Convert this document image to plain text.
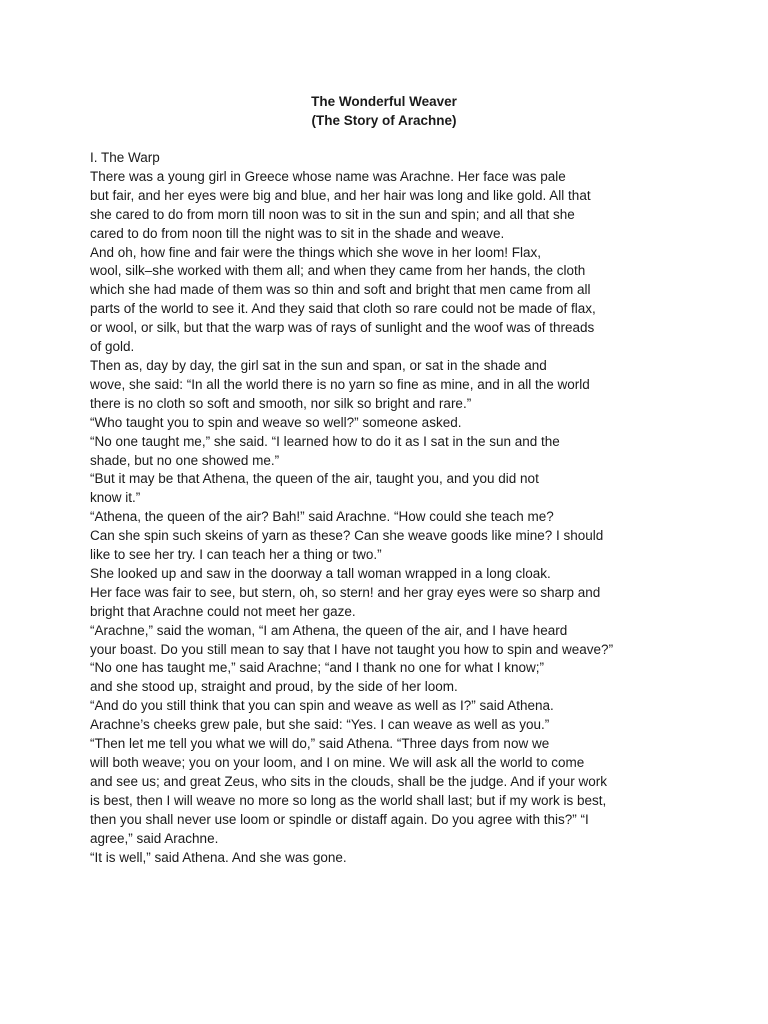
The Wonderful Weaver
(The Story of Arachne)
I. The Warp
There was a young girl in Greece whose name was Arachne. Her face was pale
but fair, and her eyes were big and blue, and her hair was long and like gold. All that
she cared to do from morn till noon was to sit in the sun and spin; and all that she
cared to do from noon till the night was to sit in the shade and weave.
And oh, how fine and fair were the things which she wove in her loom! Flax,
wool, silk–she worked with them all; and when they came from her hands, the cloth
which she had made of them was so thin and soft and bright that men came from all
parts of the world to see it. And they said that cloth so rare could not be made of flax,
or wool, or silk, but that the warp was of rays of sunlight and the woof was of threads
of gold.
Then as, day by day, the girl sat in the sun and span, or sat in the shade and
wove, she said: “In all the world there is no yarn so fine as mine, and in all the world
there is no cloth so soft and smooth, nor silk so bright and rare.”
“Who taught you to spin and weave so well?” someone asked.
“No one taught me,” she said. “I learned how to do it as I sat in the sun and the
shade, but no one showed me.”
“But it may be that Athena, the queen of the air, taught you, and you did not
know it.”
“Athena, the queen of the air? Bah!” said Arachne. “How could she teach me?
Can she spin such skeins of yarn as these? Can she weave goods like mine? I should
like to see her try. I can teach her a thing or two.”
She looked up and saw in the doorway a tall woman wrapped in a long cloak.
Her face was fair to see, but stern, oh, so stern! and her gray eyes were so sharp and
bright that Arachne could not meet her gaze.
“Arachne,” said the woman, “I am Athena, the queen of the air, and I have heard
your boast. Do you still mean to say that I have not taught you how to spin and weave?”
“No one has taught me,” said Arachne; “and I thank no one for what I know;”
and she stood up, straight and proud, by the side of her loom.
“And do you still think that you can spin and weave as well as I?” said Athena.
Arachne’s cheeks grew pale, but she said: “Yes. I can weave as well as you.”
“Then let me tell you what we will do,” said Athena. “Three days from now we
will both weave; you on your loom, and I on mine. We will ask all the world to come
and see us; and great Zeus, who sits in the clouds, shall be the judge. And if your work
is best, then I will weave no more so long as the world shall last; but if my work is best,
then you shall never use loom or spindle or distaff again. Do you agree with this?” “I
agree,” said Arachne.
“It is well,” said Athena. And she was gone.
